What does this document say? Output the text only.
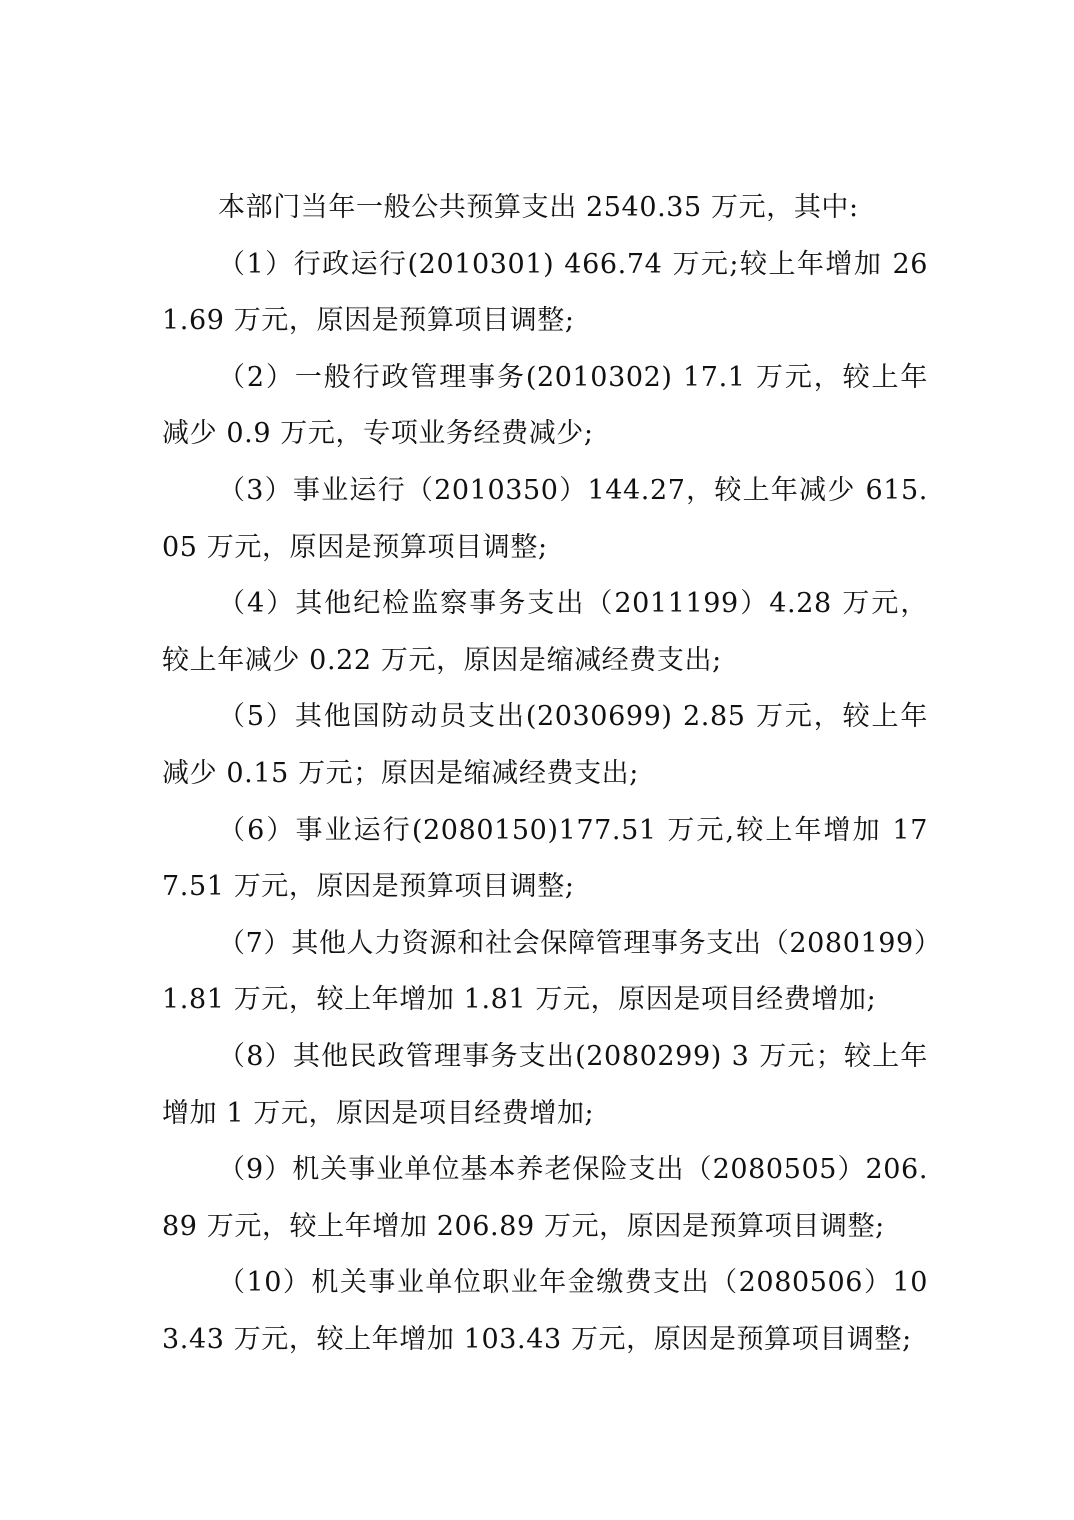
本部门当年一般公共预算支出 2540.35 万元，其中:

（1）行政运行(2010301) 466.74 万元;较上年增加 261.69 万元，原因是预算项目调整;

（2）一般行政管理事务(2010302) 17.1 万元，较上年减少 0.9 万元，专项业务经费减少;

（3）事业运行（2010350）144.27，较上年减少 615.05 万元，原因是预算项目调整;

（4）其他纪检监察事务支出（2011199）4.28 万元，较上年减少 0.22 万元，原因是缩减经费支出;

（5）其他国防动员支出(2030699) 2.85 万元，较上年减少 0.15 万元；原因是缩减经费支出;

（6）事业运行(2080150)177.51 万元,较上年增加 177.51 万元，原因是预算项目调整;

（7）其他人力资源和社会保障管理事务支出（2080199）1.81 万元，较上年增加 1.81 万元，原因是项目经费增加;

（8）其他民政管理事务支出(2080299) 3 万元；较上年增加 1 万元，原因是项目经费增加;

（9）机关事业单位基本养老保险支出（2080505）206.89 万元，较上年增加 206.89 万元，原因是预算项目调整;

（10）机关事业单位职业年金缴费支出（2080506）103.43 万元，较上年增加 103.43 万元，原因是预算项目调整;
